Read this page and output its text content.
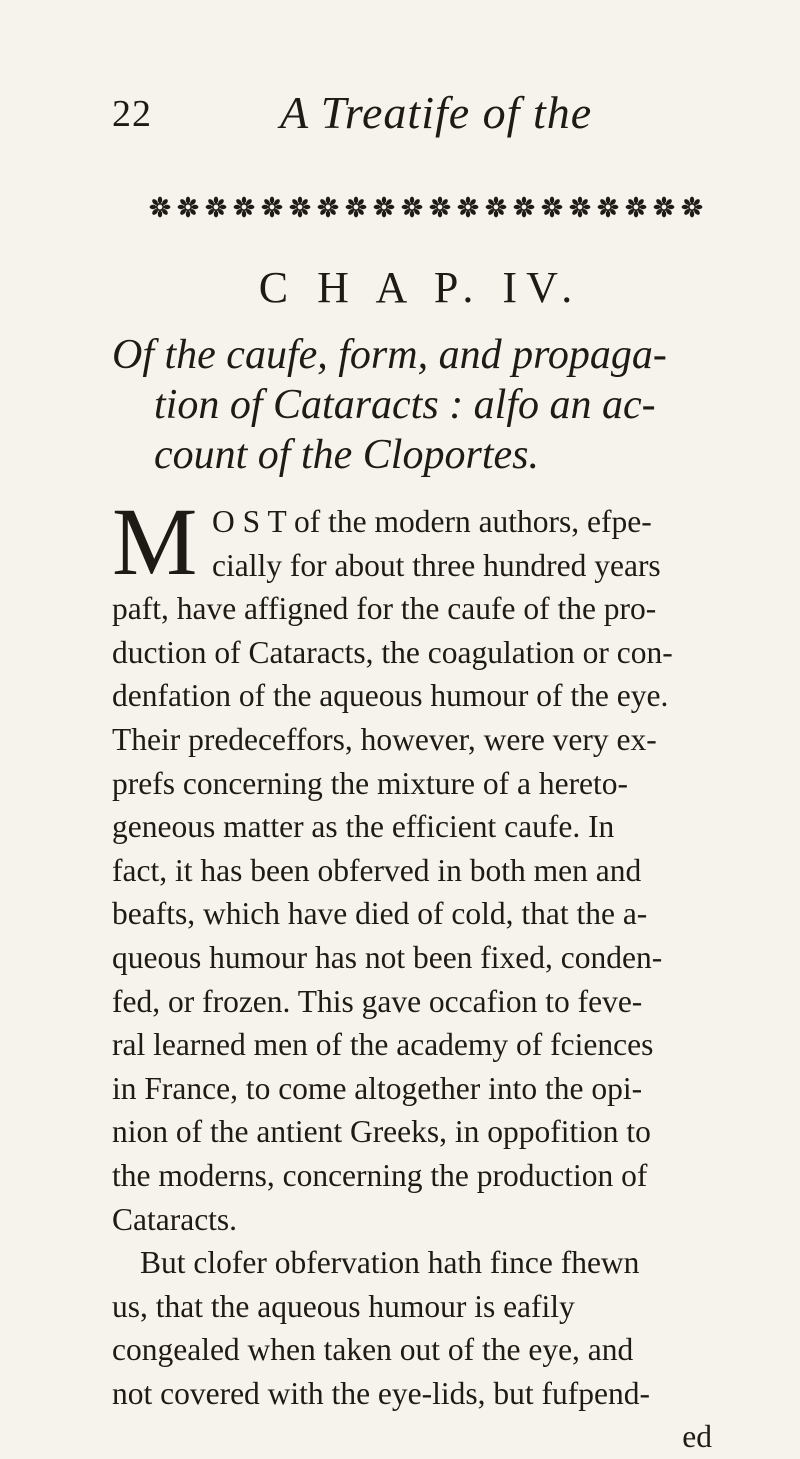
22	A Treatife of the
C H A P. IV.
Of the caufe, form, and propaga-
tion of Cataracts : alfo an ac-
count of the Cloportes.
M O S T of the modern authors, efpe-
cially for about three hundred years
paft, have affigned for the caufe of the pro-
duction of Cataracts, the coagulation or con-
denfation of the aqueous humour of the eye.
Their predeceffors, however, were very ex-
prefs concerning the mixture of a hereto-
geneous matter as the efficient caufe. In
fact, it has been obferved in both men and
beafts, which have died of cold, that the a-
queous humour has not been fixed, conden-
fed, or frozen. This gave occafion to feve-
ral learned men of the academy of fciences
in France, to come altogether into the opi-
nion of the antient Greeks, in oppofition to
the moderns, concerning the production of
Cataracts.
But clofer obfervation hath fince fhewn
us, that the aqueous humour is eafily
congealed when taken out of the eye, and
not covered with the eye-lids, but fufpend-
ed
